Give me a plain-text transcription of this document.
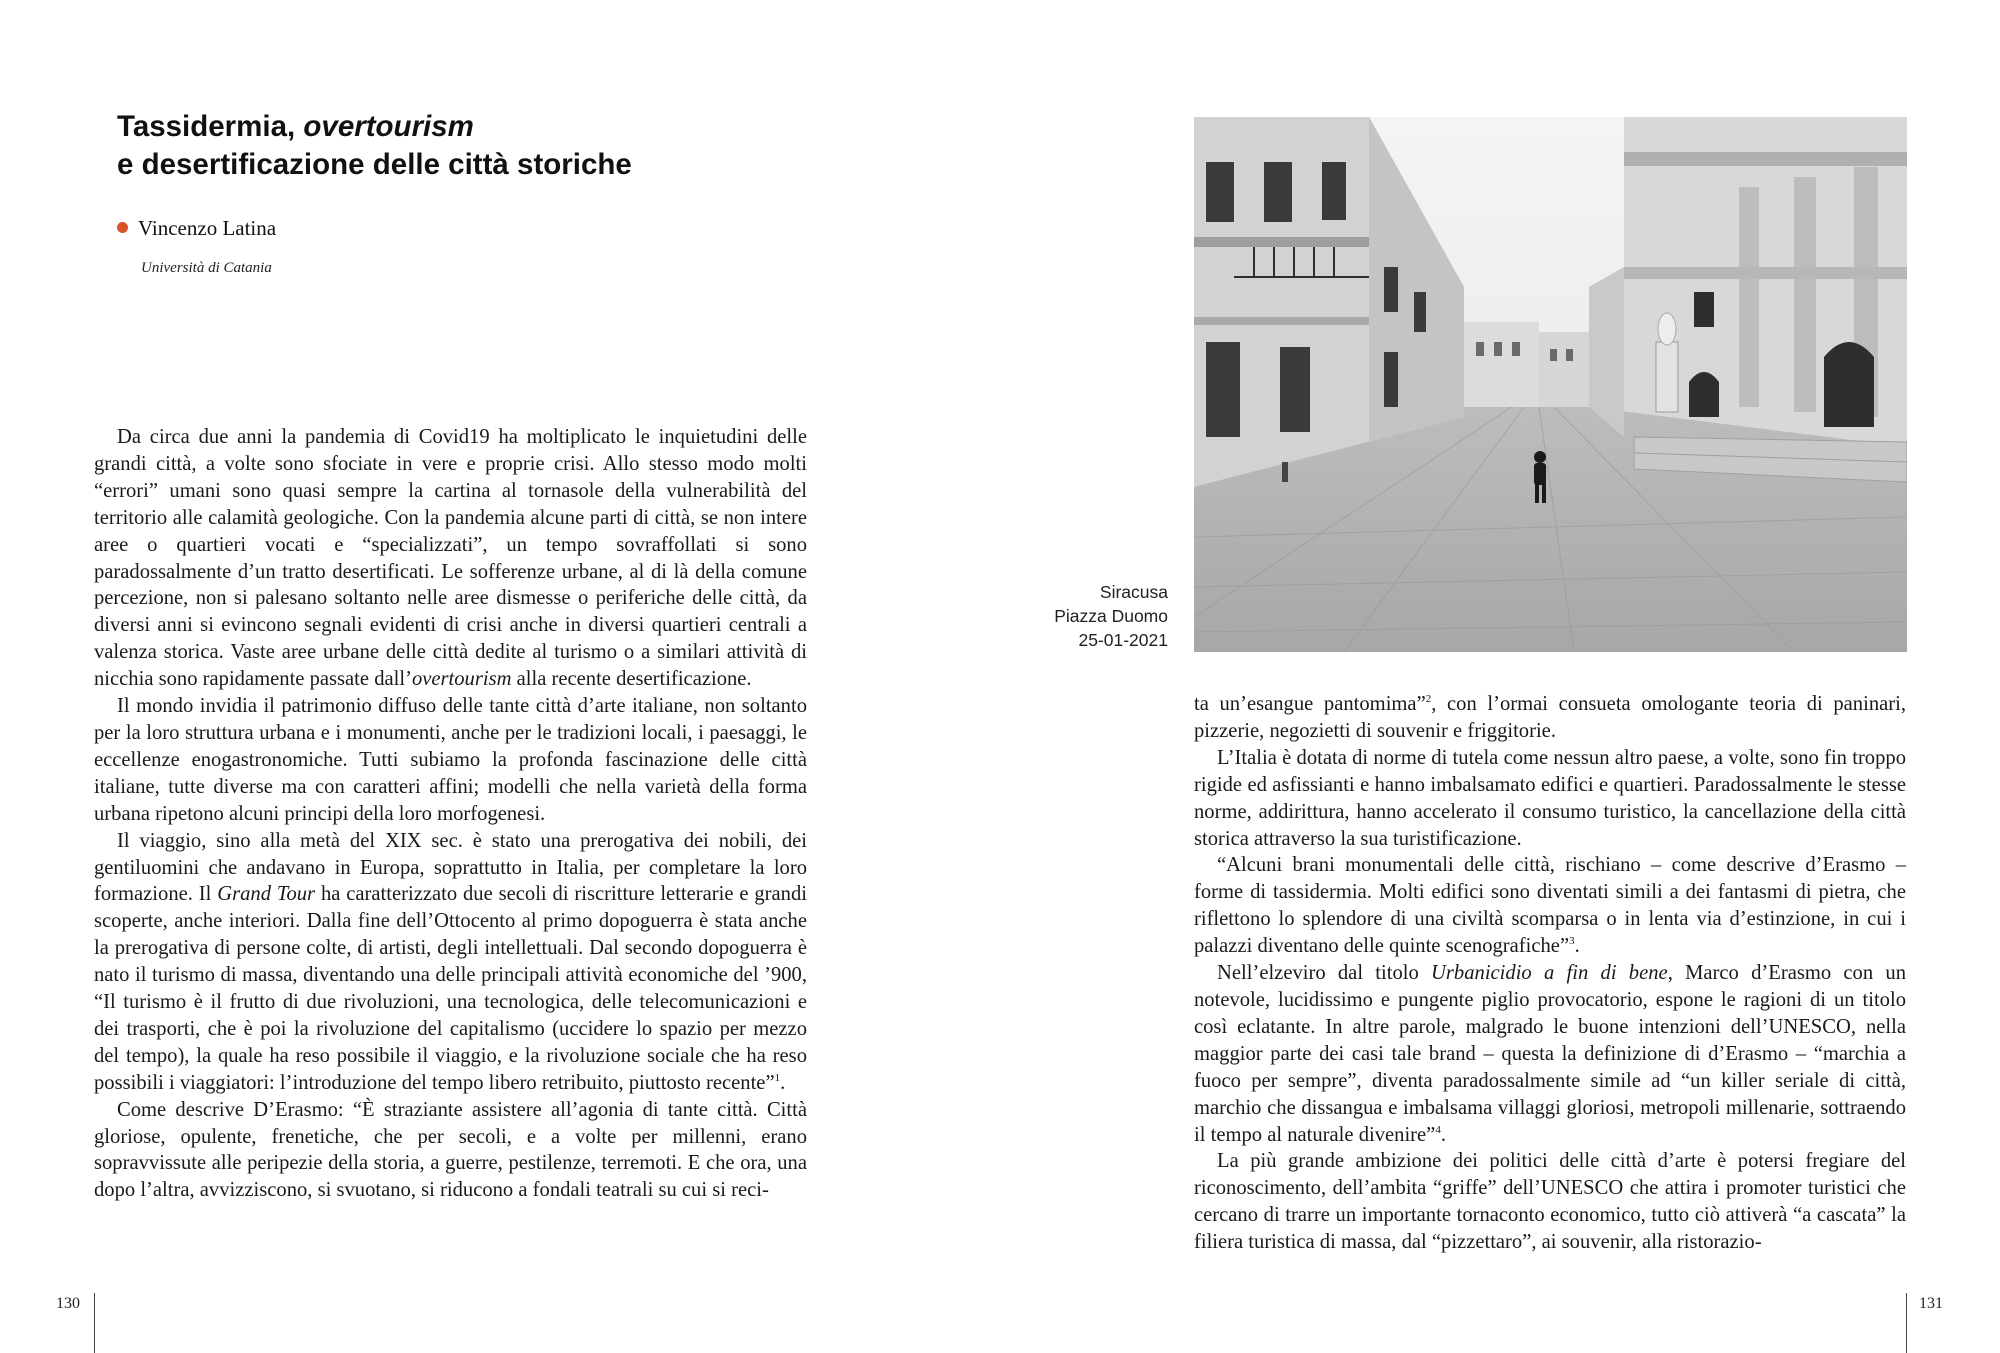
Tassidermia, overtourism
e desertificazione delle città storiche
Vincenzo Latina
Università di Catania

Da circa due anni la pandemia di Covid19 ha moltiplicato le inquietudini delle grandi città, a volte sono sfociate in vere e proprie crisi. Allo stesso modo molti “errori” umani sono quasi sempre la cartina al tornasole della vulnerabilità del territorio alle calamità geologiche. Con la pandemia alcune parti di città, se non intere aree o quartieri vocati e “specializzati”, un tempo sovraffollati si sono paradossalmente d’un tratto desertificati. Le sofferenze urbane, al di là della comune percezione, non si palesano soltanto nelle aree dismesse o periferiche delle città, da diversi anni si evincono segnali evidenti di crisi anche in diversi quartieri centrali a valenza storica. Vaste aree urbane delle città dedite al turismo o a similari attività di nicchia sono rapidamente passate dall’overtourism alla recente desertificazione.

Il mondo invidia il patrimonio diffuso delle tante città d’arte italiane, non soltanto per la loro struttura urbana e i monumenti, anche per le tradizioni locali, i paesaggi, le eccellenze enogastronomiche. Tutti subiamo la profonda fascinazione delle città italiane, tutte diverse ma con caratteri affini; modelli che nella varietà della forma urbana ripetono alcuni principi della loro morfogenesi.

Il viaggio, sino alla metà del XIX sec. è stato una prerogativa dei nobili, dei gentiluomini che andavano in Europa, soprattutto in Italia, per completare la loro formazione. Il Grand Tour ha caratterizzato due secoli di riscritture letterarie e grandi scoperte, anche interiori. Dalla fine dell’Ottocento al primo dopoguerra è stata anche la prerogativa di persone colte, di artisti, degli intellettuali. Dal secondo dopoguerra è nato il turismo di massa, diventando una delle principali attività economiche del ’900, “Il turismo è il frutto di due rivoluzioni, una tecnologica, delle telecomunicazioni e dei trasporti, che è poi la rivoluzione del capitalismo (uccidere lo spazio per mezzo del tempo), la quale ha reso possibile il viaggio, e la rivoluzione sociale che ha reso possibili i viaggiatori: l’introduzione del tempo libero retribuito, piuttosto recente”$^1$.

Come descrive D’Erasmo: “È straziante assistere all’agonia di tante città. Città gloriose, opulente, frenetiche, che per secoli, e a volte per millenni, erano sopravvissute alle peripezie della storia, a guerre, pestilenze, terremoti. E che ora, una dopo l’altra, avvizziscono, si svuotano, si riducono a fondali teatrali su cui si reci-

130
Siracusa
Piazza Duomo
25-01-2021

ta un’esangue pantomima”$^2$, con l’ormai consueta omologante teoria di paninari, pizzerie, negozietti di souvenir e friggitorie.

L’Italia è dotata di norme di tutela come nessun altro paese, a volte, sono fin troppo rigide ed asfissianti e hanno imbalsamato edifici e quartieri. Paradossalmente le stesse norme, addirittura, hanno accelerato il consumo turistico, la cancellazione della città storica attraverso la sua turistificazione.

“Alcuni brani monumentali delle città, rischiano – come descrive d’Erasmo – forme di tassidermia. Molti edifici sono diventati simili a dei fantasmi di pietra, che riflettono lo splendore di una civiltà scomparsa o in lenta via d’estinzione, in cui i palazzi diventano delle quinte scenografiche”$^3$.

Nell’elzeviro dal titolo Urbanicidio a fin di bene, Marco d’Erasmo con un notevole, lucidissimo e pungente piglio provocatorio, espone le ragioni di un titolo così eclatante. In altre parole, malgrado le buone intenzioni dell’UNESCO, nella maggior parte dei casi tale brand – questa la definizione di d’Erasmo – “marchia a fuoco per sempre”, diventa paradossalmente simile ad “un killer seriale di città, marchio che dissangua e imbalsama villaggi gloriosi, metropoli millenarie, sottraendo il tempo al naturale divenire”$^4$.

La più grande ambizione dei politici delle città d’arte è potersi fregiare del riconoscimento, dell’ambita “griffe” dell’UNESCO che attira i promoter turistici che cercano di trarre un importante tornaconto economico, tutto ciò attiverà “a cascata” la filiera turistica di massa, dal “pizzettaro”, ai souvenir, alla ristorazio-

131
